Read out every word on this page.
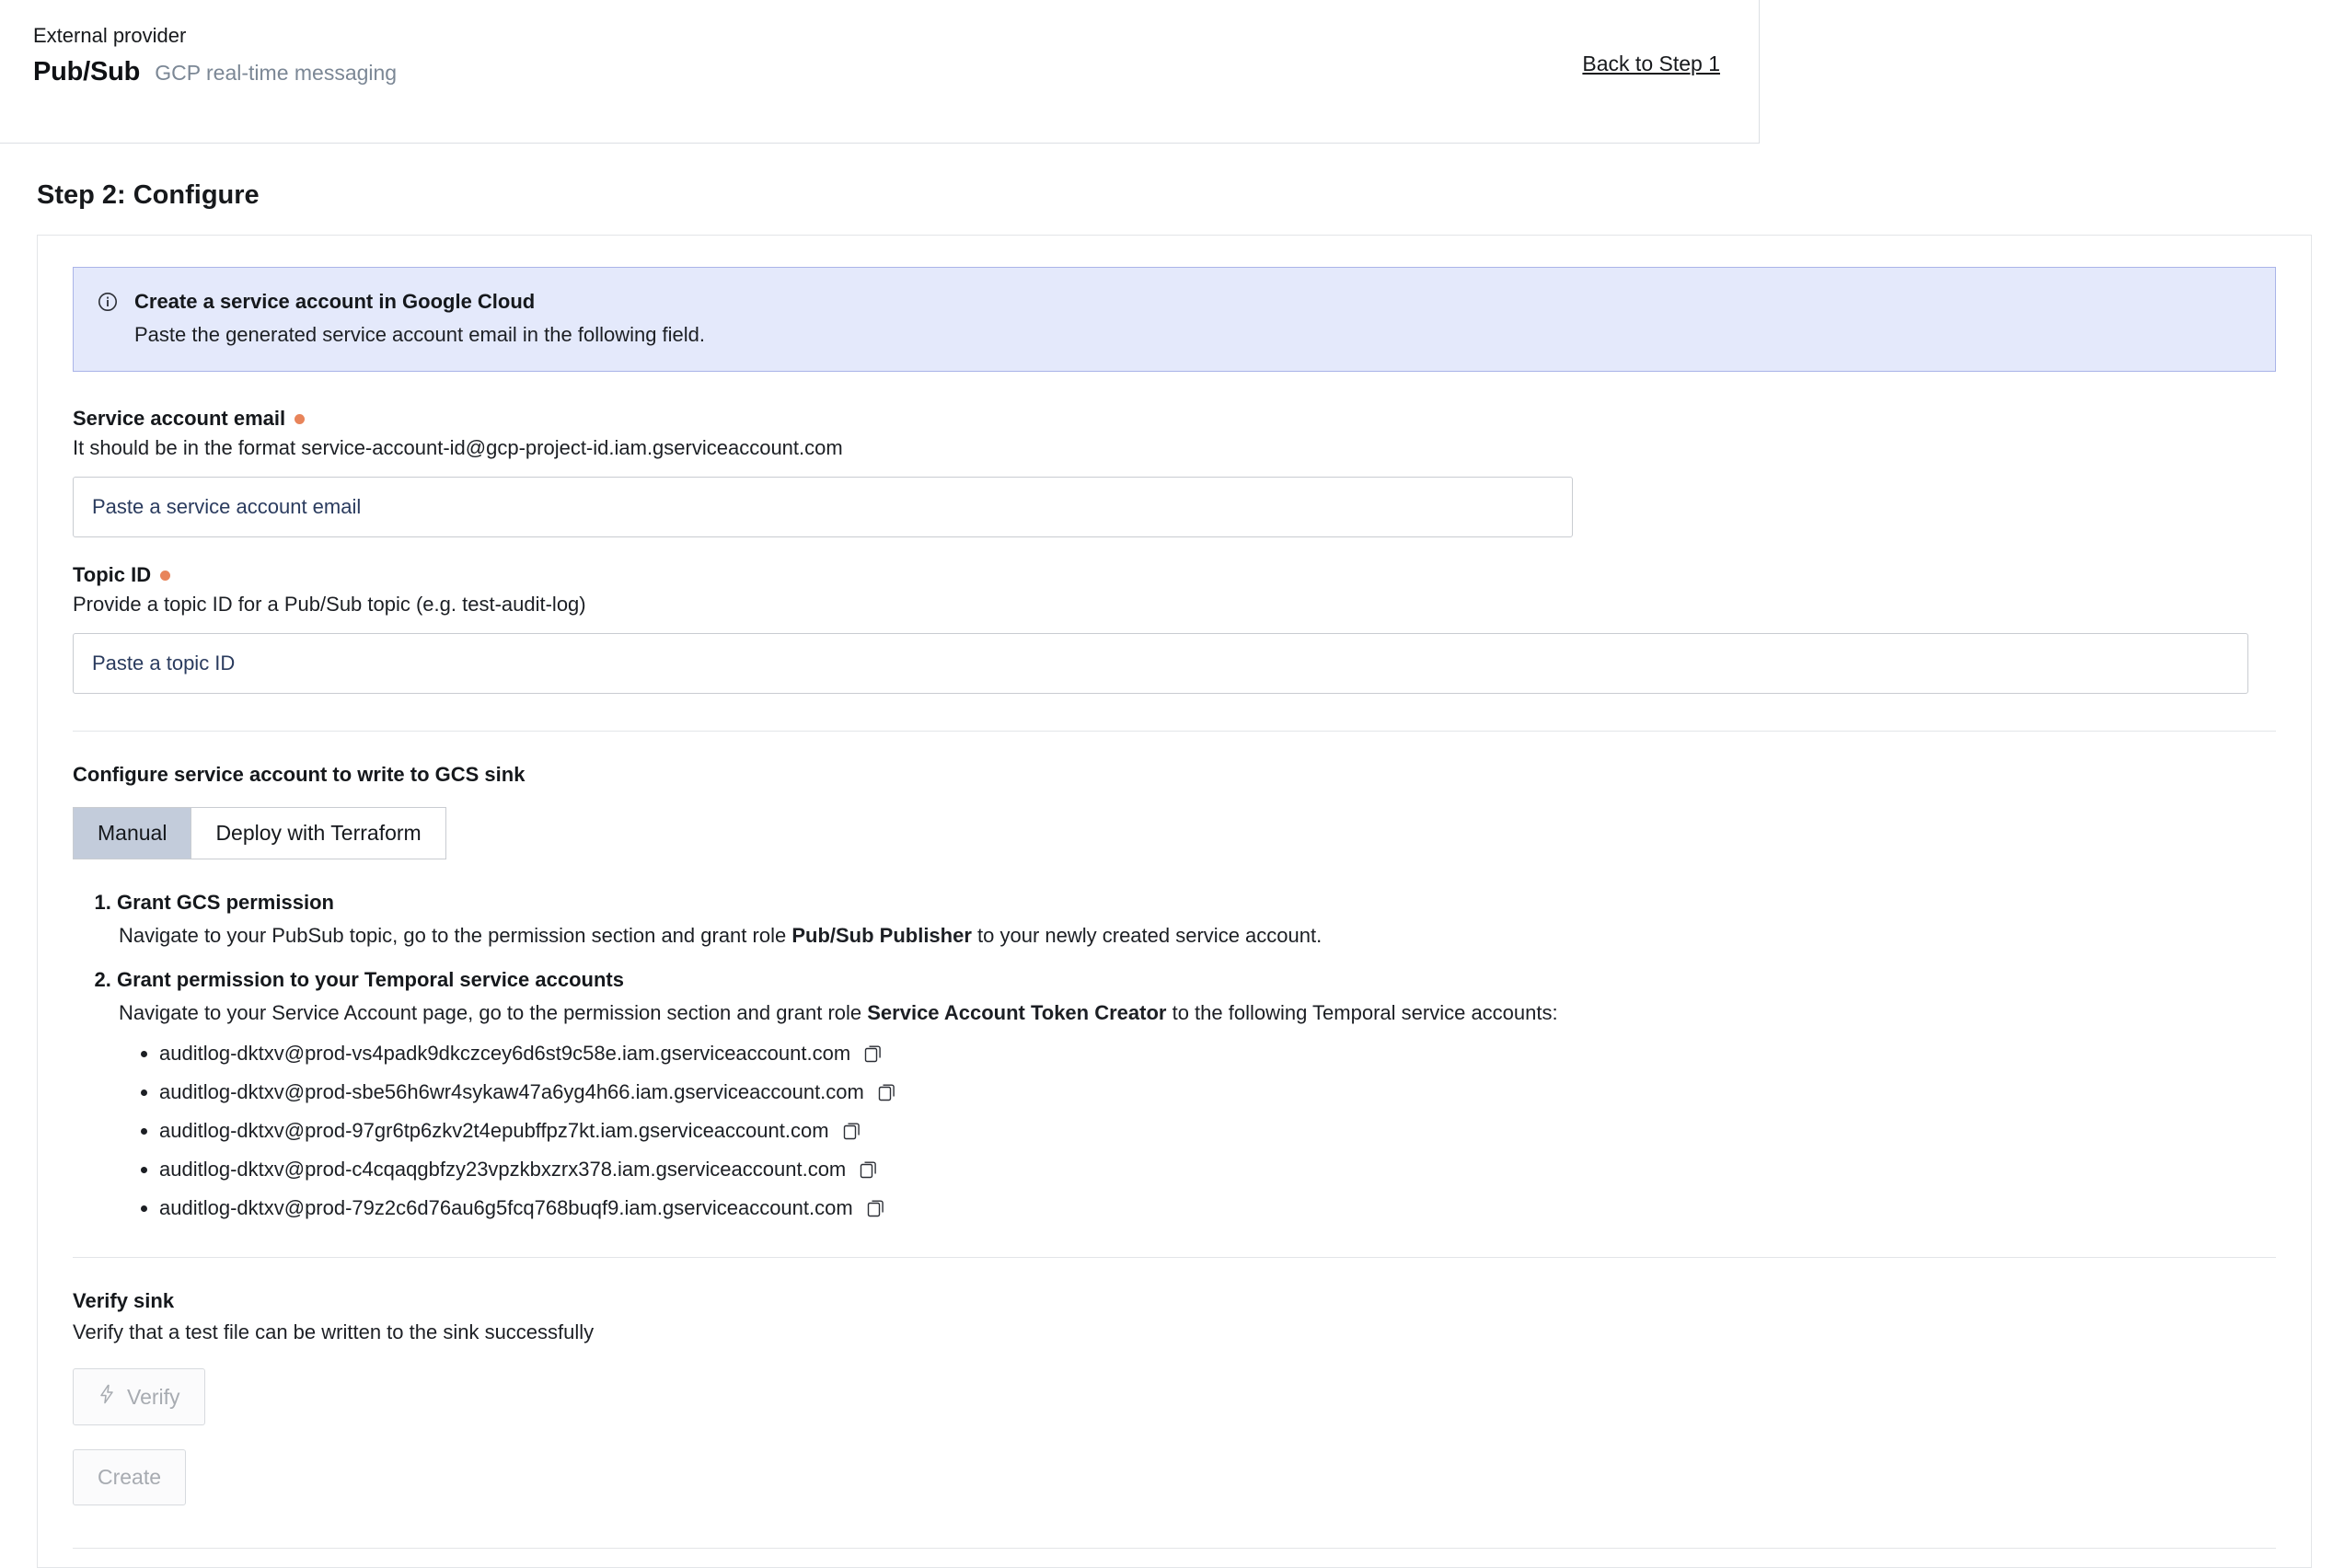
External provider
Pub/Sub GCP real-time messaging	Back to Step 1
Step 2: Configure
Create a service account in Google Cloud
Paste the generated service account email in the following field.
Service account email
It should be in the format service-account-id@gcp-project-id.iam.gserviceaccount.com
Paste a service account email
Topic ID
Provide a topic ID for a Pub/Sub topic (e.g. test-audit-log)
Paste a topic ID
Configure service account to write to GCS sink
Manual	Deploy with Terraform
1. Grant GCS permission
Navigate to your PubSub topic, go to the permission section and grant role Pub/Sub Publisher to your newly created service account.
2. Grant permission to your Temporal service accounts
Navigate to your Service Account page, go to the permission section and grant role Service Account Token Creator to the following Temporal service accounts:
• auditlog-dktxv@prod-vs4padk9dkczcey6d6st9c58e.iam.gserviceaccount.com
• auditlog-dktxv@prod-sbe56h6wr4sykaw47a6yg4h66.iam.gserviceaccount.com
• auditlog-dktxv@prod-97gr6tp6zkv2t4epubffpz7kt.iam.gserviceaccount.com
• auditlog-dktxv@prod-c4cqaqgbfzy23vpzkbxzrx378.iam.gserviceaccount.com
• auditlog-dktxv@prod-79z2c6d76au6g5fcq768buqf9.iam.gserviceaccount.com
Verify sink
Verify that a test file can be written to the sink successfully
Verify
Create
